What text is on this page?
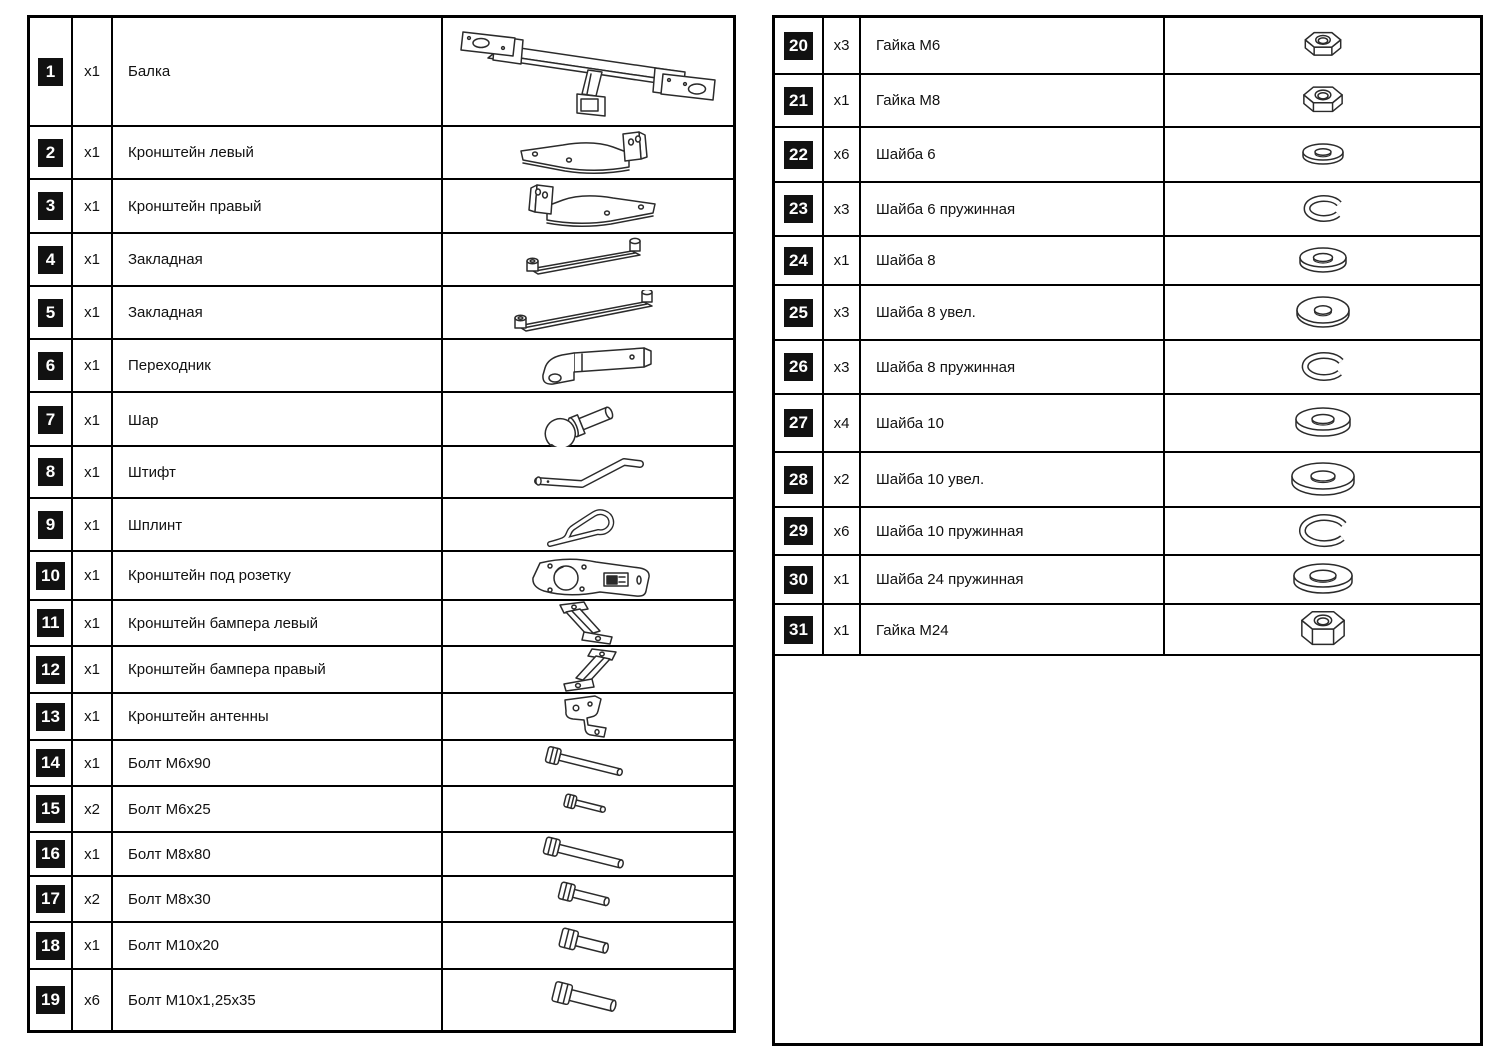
1	x1	Балка
2	x1	Кронштейн левый
3	x1	Кронштейн правый
4	x1	Закладная
5	x1	Закладная
6	x1	Переходник
7	x1	Шар
8	x1	Штифт
9	x1	Шплинт
10	x1	Кронштейн под розетку
11	x1	Кронштейн бампера левый
12	x1	Кронштейн бампера правый
13	x1	Кронштейн антенны
14	x1	Болт М6х90
15	x2	Болт М6х25
16	x1	Болт М8х80
17	x2	Болт М8х30
18	x1	Болт М10х20
19	x6	Болт М10х1,25х35
20	x3	Гайка М6
21	x1	Гайка М8
22	x6	Шайба 6
23	x3	Шайба 6 пружинная
24	x1	Шайба 8
25	x3	Шайба 8 увел.
26	x3	Шайба 8 пружинная
27	x4	Шайба 10
28	x2	Шайба 10 увел.
29	x6	Шайба 10 пружинная
30	x1	Шайба 24 пружинная
31	x1	Гайка М24
